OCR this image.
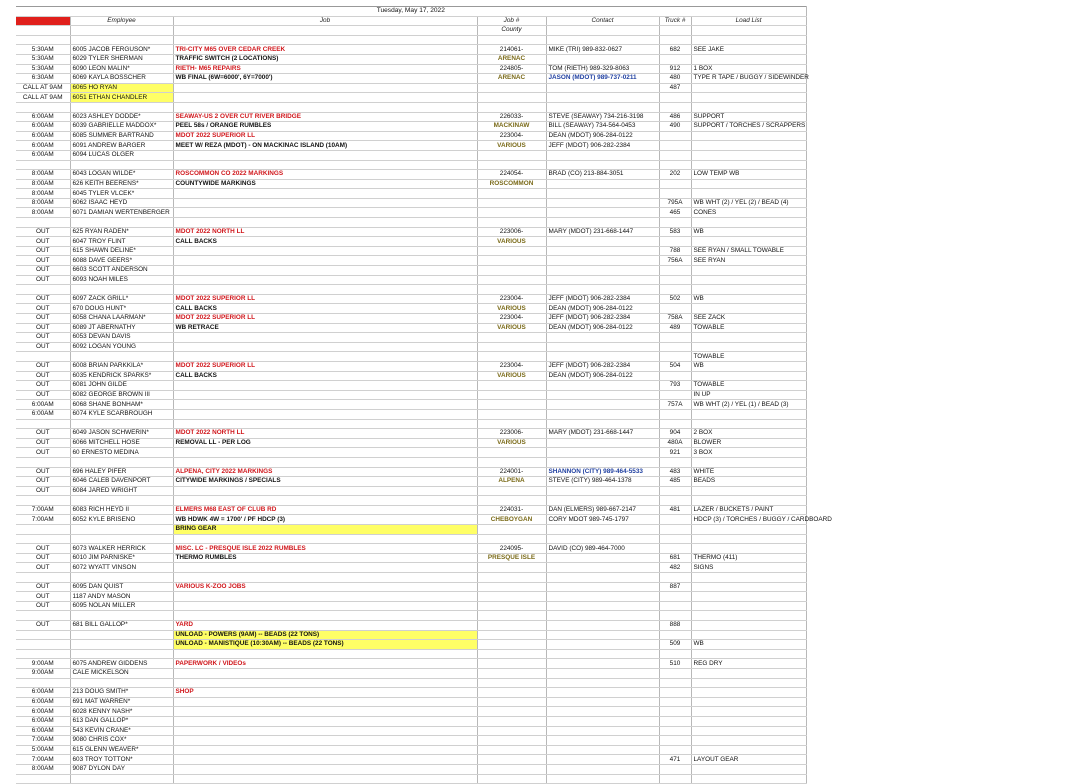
Tuesday, May 17, 2022						
Time	Employee	Job	Job #	Contact	Truck #	Load List
			County			

5:30AM	6005 JACOB FERGUSON*	TRI-CITY M65 OVER CEDAR CREEK	214061-	MIKE (TRI) 989-832-0627	682	SEE JAKE
5:30AM	6029 TYLER SHERMAN	TRAFFIC SWITCH (2 LOCATIONS)	ARENAC			
5:30AM	6090 LEON MALIN*	RIETH- M65 REPAIRS	224805-	TOM (RIETH) 989-329-8063	912	1 BOX
6:30AM	6069 KAYLA BOSSCHER	WB FINAL (6W=6000', 6Y=7000')	ARENAC	JASON (MDOT) 989-737-0211	480	TYPE R TAPE / BUGGY / SIDEWINDER
CALL AT 9AM	6065 HO RYAN				487	
CALL AT 9AM	6051 ETHAN CHANDLER					

6:00AM	6023 ASHLEY DODDE*	SEAWAY-US 2 OVER CUT RIVER BRIDGE	226033-	STEVE (SEAWAY) 734-216-3198	486	SUPPORT
6:00AM	6039 GABRIELLE MADDOX*	PEEL 58s / ORANGE RUMBLES	MACKINAW	BILL (SEAWAY) 734-564-0453	490	SUPPORT / TORCHES / SCRAPPERS
6:00AM	6085 SUMMER BARTRAND	MDOT 2022 SUPERIOR LL	223004-	DEAN (MDOT) 906-284-0122		
6:00AM	6091 ANDREW BARGER	MEET W/ REZA (MDOT) - ON MACKINAC ISLAND (10AM)	VARIOUS	JEFF (MDOT) 906-282-2384		
6:00AM	6094 LUCAS OLGER					

8:00AM	6043 LOGAN WILDE*	ROSCOMMON CO 2022 MARKINGS	224054-	BRAD (CO) 213-884-3051	202	LOW TEMP WB
8:00AM	626 KEITH BEERENS*	COUNTYWIDE MARKINGS	ROSCOMMON			
8:00AM	6045 TYLER VLCEK*					
8:00AM	6062 ISAAC HEYD				795A	WB WHT (2) / YEL (2) / BEAD (4)
8:00AM	6071 DAMIAN WERTENBERGER				465	CONES

OUT	625 RYAN RADEN*	MDOT 2022 NORTH LL	223006-	MARY (MDOT) 231-668-1447	583	WB
OUT	6047 TROY FLINT	CALL BACKS	VARIOUS			
OUT	615 SHAWN DELINE*				788	SEE RYAN / SMALL TOWABLE
OUT	6088 DAVE GEERS*				756A	SEE RYAN
OUT	6603 SCOTT ANDERSON					
OUT	6093 NOAH MILES					

OUT	6097 ZACK GRILL*	MDOT 2022 SUPERIOR LL	223004-	JEFF (MDOT) 906-282-2384	502	WB
OUT	670 DOUG HUNT*	CALL BACKS	VARIOUS	DEAN (MDOT) 906-284-0122		
OUT	6058 CHANA LAARMAN*	MDOT 2022 SUPERIOR LL	223004-	JEFF (MDOT) 906-282-2384	758A	SEE ZACK
OUT	6089 JT ABERNATHY	WB RETRACE	VARIOUS	DEAN (MDOT) 906-284-0122	489	TOWABLE
OUT	6053 DEVAN DAVIS					
OUT	6092 LOGAN YOUNG					
						TOWABLE
OUT	6008 BRIAN PARKKILA*	MDOT 2022 SUPERIOR LL	223004-	JEFF (MDOT) 906-282-2384	504	WB
OUT	6035 KENDRICK SPARKS*	CALL BACKS	VARIOUS	DEAN (MDOT) 906-284-0122		
OUT	6081 JOHN GILDE				793	TOWABLE
OUT	6082 GEORGE BROWN III					IN UP
6:00AM	6068 SHANE BONHAM*				757A	WB WHT (2) / YEL (1) / BEAD (3)
6:00AM	6074 KYLE SCARBROUGH					

OUT	6049 JASON SCHWERIN*	MDOT 2022 NORTH LL	223006-	MARY (MDOT) 231-668-1447	904	2 BOX
OUT	6066 MITCHELL HOSE	REMOVAL LL - PER LOG	VARIOUS		480A	BLOWER
OUT	60 ERNESTO MEDINA				921	3 BOX

OUT	696 HALEY PIFER	ALPENA, CITY 2022 MARKINGS	224001-	SHANNON (CITY) 989-464-5533	483	WHITE
OUT	6046 CALEB DAVENPORT	CITYWIDE MARKINGS / SPECIALS	ALPENA	STEVE (CITY) 989-464-1378	485	BEADS
OUT	6084 JARED WRIGHT					

7:00AM	6083 RICH HEYD II	ELMERS M68 EAST OF CLUB RD	224031-	DAN (ELMERS) 989-667-2147	481	LAZER / BUCKETS / PAINT
7:00AM	6052 KYLE BRISENO	WB HDWK 4W = 1700' / PF HDCP (3)	CHEBOYGAN	CORY MDOT 989-745-1797		HDCP (3) / TORCHES / BUGGY / CARDBOARD
		BRING GEAR				

OUT	6073 WALKER HERRICK	MISC. LC - PRESQUE ISLE 2022 RUMBLES	224095-	DAVID (CO) 989-464-7000		
OUT	6010 JIM PARNISKE*	THERMO RUMBLES	PRESQUE ISLE		681	THERMO (411)
OUT	6072 WYATT VINSON				482	SIGNS

OUT	6095 DAN QUIST	VARIOUS K-ZOO JOBS			887	
OUT	1187 ANDY MASON					
OUT	6095 NOLAN MILLER					

OUT	681 BILL GALLOP*	YARD			888	
		UNLOAD - POWERS (9AM) -- BEADS (22 TONS)				
		UNLOAD - MANISTIQUE (10:30AM) -- BEADS (22 TONS)			509	WB

9:00AM	6075 ANDREW GIDDENS	PAPERWORK / VIDEOs			510	REG DRY
9:00AM	CALE MICKELSON					

6:00AM	213 DOUG SMITH*	SHOP				
6:00AM	691 MAT WARREN*					
6:00AM	6028 KENNY NASH*					
6:00AM	613 DAN GALLOP*					
6:00AM	543 KEVIN CRANE*					
7:00AM	9080 CHRIS COX*					
5:00AM	615 GLENN WEAVER*					
7:00AM	603 TROY TOTTON*				471	LAYOUT GEAR
8:00AM	9087 DYLON DAY					
